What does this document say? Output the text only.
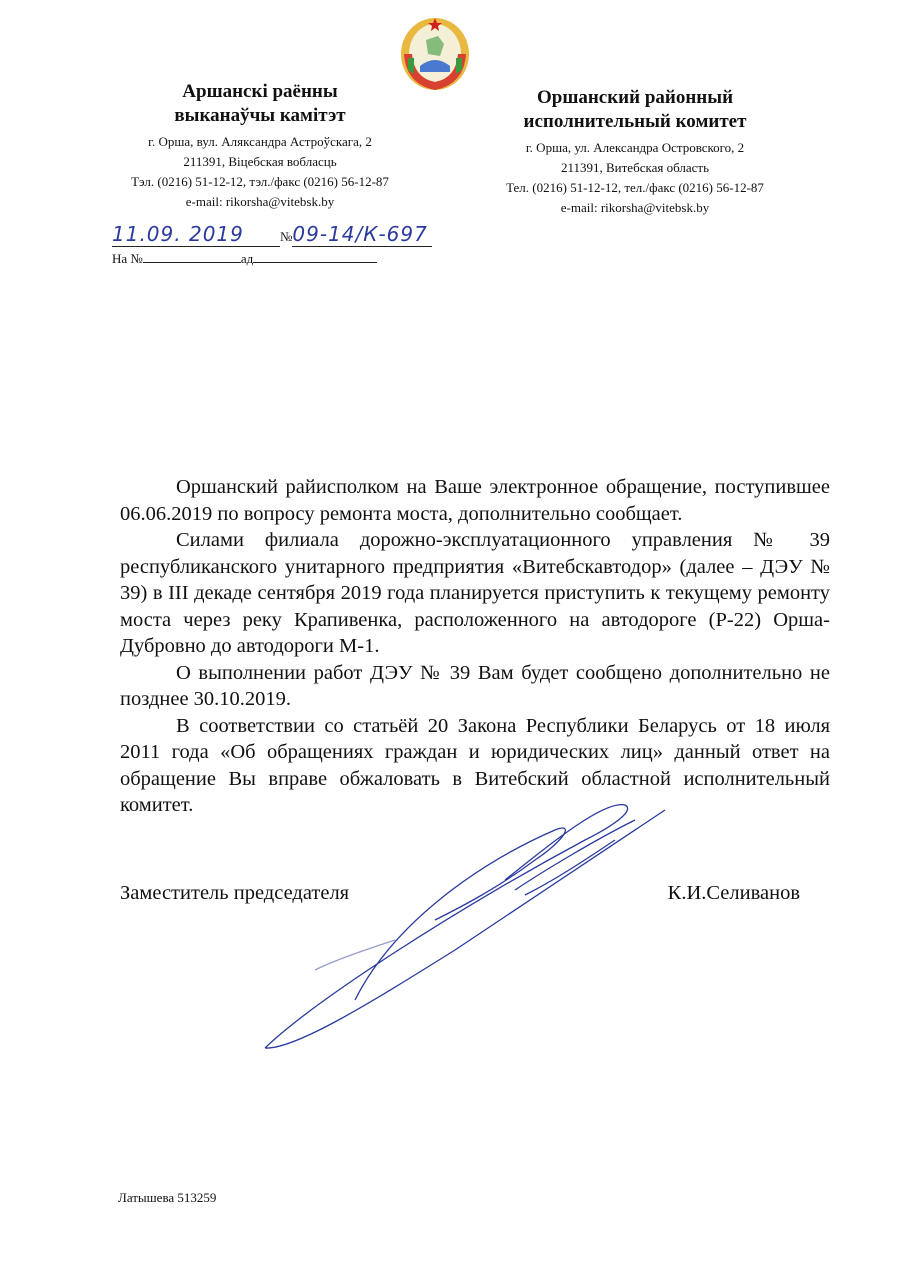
Аршанскі раённы
выканаўчы камітэт
г. Орша, вул. Аляксандра Астроўскага, 2
211391, Віцебская вобласць
Тэл. (0216) 51-12-12, тэл./факс (0216) 56-12-87
e-mail: rikorsha@vitebsk.by
Оршанский районный
исполнительный комитет
г. Орша, ул. Александра Островского, 2
211391, Витебская область
Тел. (0216) 51-12-12, тел./факс (0216) 56-12-87
e-mail: rikorsha@vitebsk.by
11.09. 2019	№09-14/К-697
На №	ад

Оршанский райисполком на Ваше электронное обращение, поступившее 06.06.2019 по вопросу ремонта моста, дополнительно сообщает.

Силами филиала дорожно-эксплуатационного управления № 39 республиканского унитарного предприятия «Витебскавтодор» (далее – ДЭУ № 39) в III декаде сентября 2019 года планируется приступить к текущему ремонту моста через реку Крапивенка, расположенного на автодороге (Р-22) Орша-Дубровно до автодороги М-1.

О выполнении работ ДЭУ № 39 Вам будет сообщено дополнительно не позднее 30.10.2019.

В соответствии со статьёй 20 Закона Республики Беларусь от 18 июля 2011 года «Об обращениях граждан и юридических лиц» данный ответ на обращение Вы вправе обжаловать в Витебский областной исполнительный комитет.

Заместитель председателя	К.И.Селиванов
Латышева 513259
